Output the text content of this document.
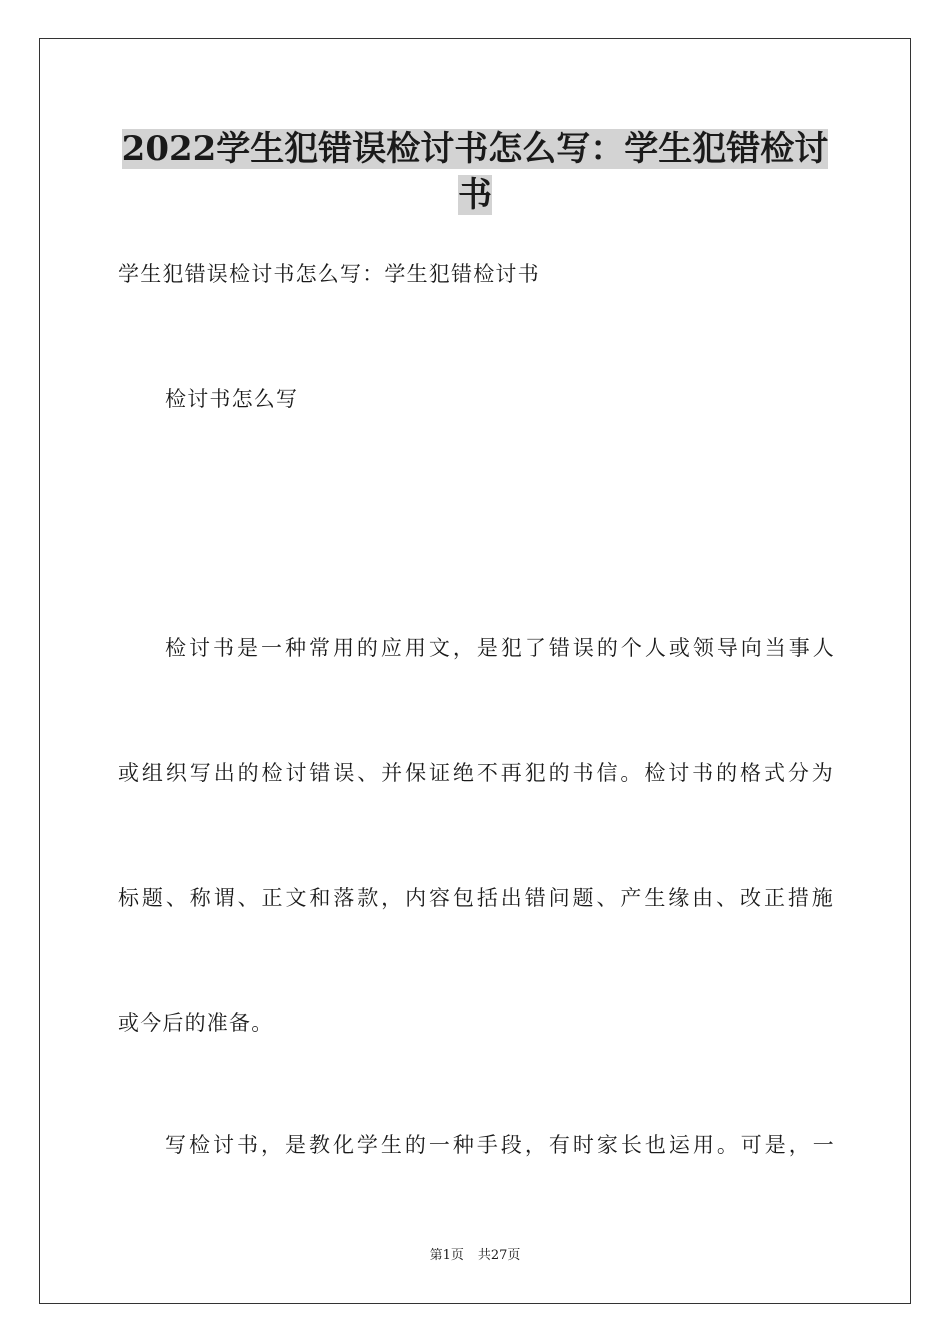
2022学生犯错误检讨书怎么写：学生犯错检讨
书
学生犯错误检讨书怎么写：学生犯错检讨书
检讨书怎么写
检讨书是一种常用的应用文，是犯了错误的个人或领导向当事人
或组织写出的检讨错误、并保证绝不再犯的书信。检讨书的格式分为
标题、称谓、正文和落款，内容包括出错问题、产生缘由、改正措施
或今后的准备。
写检讨书，是教化学生的一种手段，有时家长也运用。可是，一
第1页 共27页
